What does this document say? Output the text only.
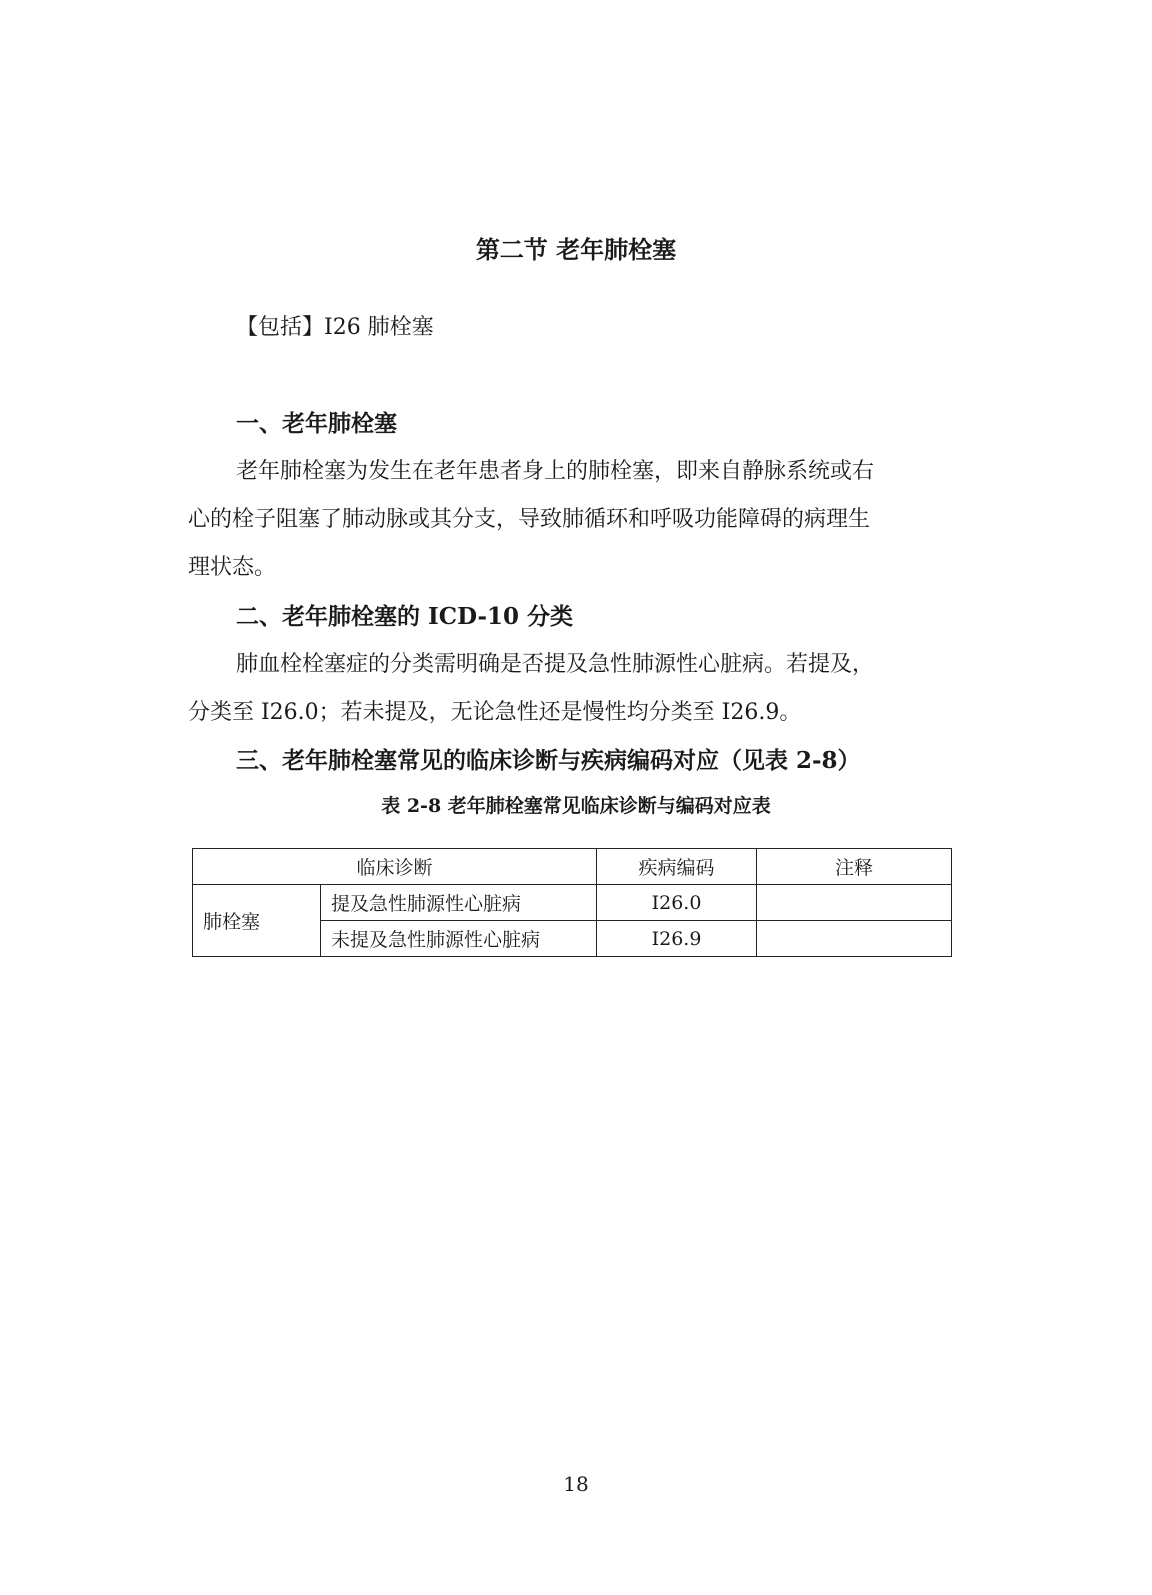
第二节 老年肺栓塞
【包括】I26 肺栓塞
一、老年肺栓塞
老年肺栓塞为发生在老年患者身上的肺栓塞，即来自静脉系统或右
心的栓子阻塞了肺动脉或其分支，导致肺循环和呼吸功能障碍的病理生
理状态。
二、老年肺栓塞的 ICD-10 分类
肺血栓栓塞症的分类需明确是否提及急性肺源性心脏病。若提及，
分类至 I26.0；若未提及，无论急性还是慢性均分类至 I26.9。
三、老年肺栓塞常见的临床诊断与疾病编码对应（见表 2-8）
表 2-8 老年肺栓塞常见临床诊断与编码对应表
临床诊断		疾病编码	注释
肺栓塞	提及急性肺源性心脏病	I26.0	
	未提及急性肺源性心脏病	I26.9	
18
